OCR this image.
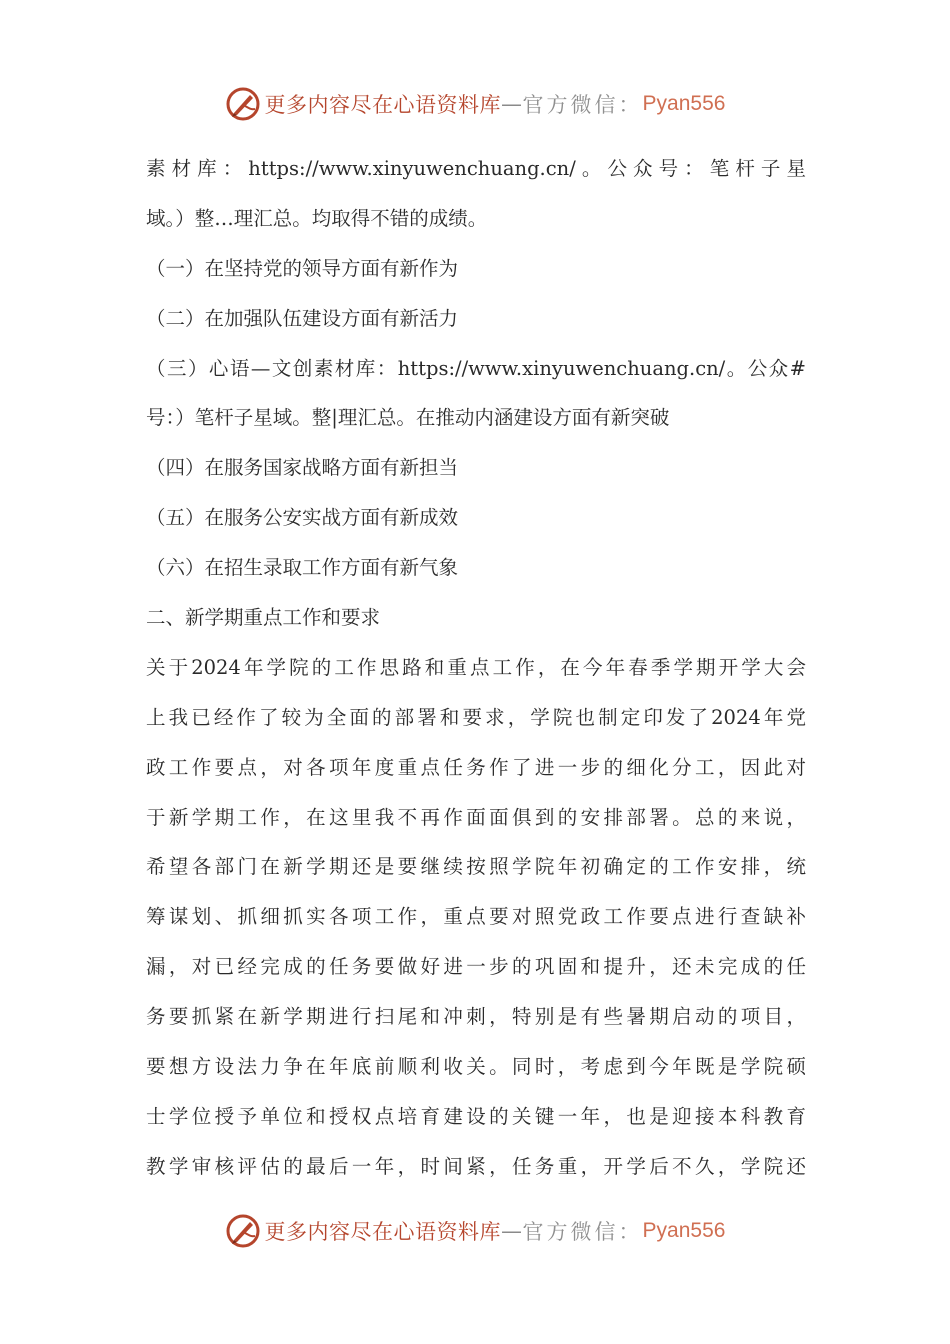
更多内容尽在心语资料库 — 官方微信： Pyan556
素材库：https://www.xinyuwenchuang.cn/。公众号：笔杆子星
域。）整…理汇总。均取得不错的成绩。
（一）在坚持党的领导方面有新作为
（二）在加强队伍建设方面有新活力
（三）心语—文创素材库：https://www.xinyuwenchuang.cn/。公众#
号：）笔杆子星域。整|理汇总。在推动内涵建设方面有新突破
（四）在服务国家战略方面有新担当
（五）在服务公安实战方面有新成效
（六）在招生录取工作方面有新气象
二、新学期重点工作和要求
关于2024年学院的工作思路和重点工作，在今年春季学期开学大会
上我已经作了较为全面的部署和要求，学院也制定印发了2024年党
政工作要点，对各项年度重点任务作了进一步的细化分工，因此对
于新学期工作，在这里我不再作面面俱到的安排部署。总的来说，
希望各部门在新学期还是要继续按照学院年初确定的工作安排，统
筹谋划、抓细抓实各项工作，重点要对照党政工作要点进行查缺补
漏，对已经完成的任务要做好进一步的巩固和提升，还未完成的任
务要抓紧在新学期进行扫尾和冲刺，特别是有些暑期启动的项目，
要想方设法力争在年底前顺利收关。同时，考虑到今年既是学院硕
士学位授予单位和授权点培育建设的关键一年，也是迎接本科教育
教学审核评估的最后一年，时间紧，任务重，开学后不久，学院还
更多内容尽在心语资料库 — 官方微信： Pyan556
